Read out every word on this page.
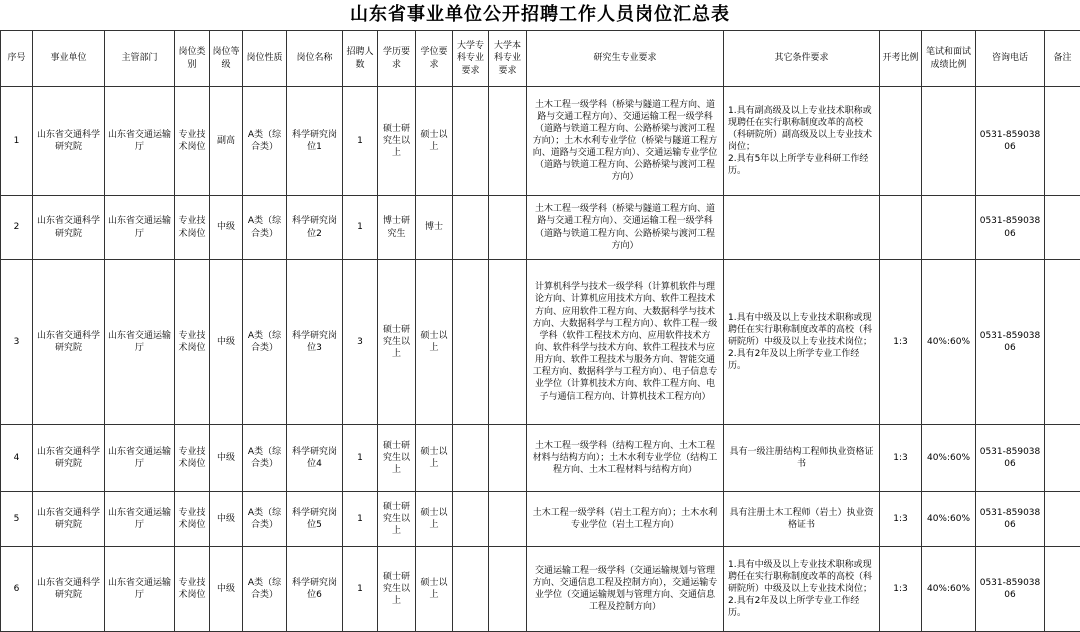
山东省事业单位公开招聘工作人员岗位汇总表
序号	事业单位	主管部门	岗位类别	岗位等级	岗位性质	岗位名称	招聘人数	学历要求	学位要求	大学专科专业要求	大学本科专业要求	研究生专业要求	其它条件要求	开考比例	笔试和面试成绩比例	咨询电话	备注
1	山东省交通科学研究院	山东省交通运输厅	专业技术岗位	副高	A类（综合类）	科学研究岗位1	1	硕士研究生以上	硕士以上			土木工程一级学科（桥梁与隧道工程方向、道路与交通工程方向）、交通运输工程一级学科（道路与铁道工程方向、公路桥梁与渡河工程方向）；土木水利专业学位（桥梁与隧道工程方向、道路与交通工程方向）、交通运输专业学位（道路与铁道工程方向、公路桥梁与渡河工程方向）	1.具有副高级及以上专业技术职称或现聘任在实行职称制度改革的高校（科研院所）副高级及以上专业技术岗位；
2.具有5年以上所学专业科研工作经历。			0531-85903806	
2	山东省交通科学研究院	山东省交通运输厅	专业技术岗位	中级	A类（综合类）	科学研究岗位2	1	博士研究生	博士			土木工程一级学科（桥梁与隧道工程方向、道路与交通工程方向）、交通运输工程一级学科（道路与铁道工程方向、公路桥梁与渡河工程方向）				0531-85903806	
3	山东省交通科学研究院	山东省交通运输厅	专业技术岗位	中级	A类（综合类）	科学研究岗位3	3	硕士研究生以上	硕士以上			计算机科学与技术一级学科（计算机软件与理论方向、计算机应用技术方向、软件工程技术方向、应用软件工程方向、大数据科学与技术方向、大数据科学与工程方向）、软件工程一级学科（软件工程技术方向、应用软件技术方向、软件科学与技术方向、软件工程技术与应用方向、软件工程技术与服务方向、智能交通工程方向、数据科学与工程方向）、电子信息专业学位（计算机技术方向、软件工程方向、电子与通信工程方向、计算机技术工程方向）	1.具有中级及以上专业技术职称或现聘任在实行职称制度改革的高校（科研院所）中级及以上专业技术岗位；
2.具有2年及以上所学专业工作经历。	1:3	40%:60%	0531-85903806	
4	山东省交通科学研究院	山东省交通运输厅	专业技术岗位	中级	A类（综合类）	科学研究岗位4	1	硕士研究生以上	硕士以上			土木工程一级学科（结构工程方向、土木工程材料与结构方向）；土木水利专业学位（结构工程方向、土木工程材料与结构方向）	具有一级注册结构工程师执业资格证书	1:3	40%:60%	0531-85903806	
5	山东省交通科学研究院	山东省交通运输厅	专业技术岗位	中级	A类（综合类）	科学研究岗位5	1	硕士研究生以上	硕士以上			土木工程一级学科（岩土工程方向）；土木水利专业学位（岩土工程方向）	具有注册土木工程师（岩土）执业资格证书	1:3	40%:60%	0531-85903806	
6	山东省交通科学研究院	山东省交通运输厅	专业技术岗位	中级	A类（综合类）	科学研究岗位6	1	硕士研究生以上	硕士以上			交通运输工程一级学科（交通运输规划与管理方向、交通信息工程及控制方向），交通运输专业学位（交通运输规划与管理方向、交通信息工程及控制方向）	1.具有中级及以上专业技术职称或现聘任在实行职称制度改革的高校（科研院所）中级及以上专业技术岗位；
2.具有2年及以上所学专业工作经历。	1:3	40%:60%	0531-85903806	
